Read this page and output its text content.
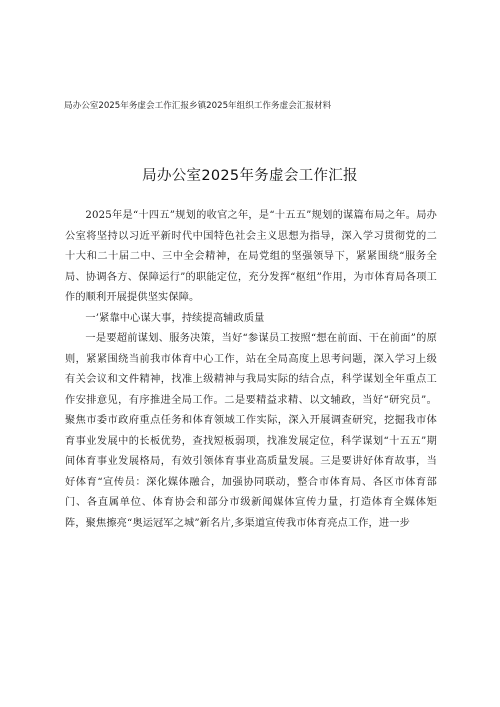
局办公室2025年务虚会工作汇报乡镇2025年组织工作务虚会汇报材料
局办公室2025年务虚会工作汇报

2025年是“十四五”规划的收官之年，是“十五五”规划的谋篇布局之年。局办公室将坚持以习近平新时代中国特色社会主义思想为指导，深入学习贯彻党的二十大和二十届二中、三中全会精神，在局党组的坚强领导下，紧紧围绕“服务全局、协调各方、保障运行”的职能定位，充分发挥“枢纽”作用，为市体育局各项工作的顺利开展提供坚实保障。

一’紧靠中心谋大事，持续提高辅政质量

一是要超前谋划、服务决策，当好“参谋员工按照“想在前面、干在前面”的原则，紧紧围绕当前我市体育中心工作，站在全局高度上思考问题，深入学习上级有关会议和文件精神，找准上级精神与我局实际的结合点，科学谋划全年重点工作安排意见，有序推进全局工作。二是要精益求精、以文辅政，当好“研究员”。聚焦市委市政府重点任务和体育领域工作实际，深入开展调查研究，挖掘我市体育事业发展中的长板优势，查找短板弱项，找准发展定位，科学谋划“十五五”期间体育事业发展格局，有效引领体育事业高质量发展。三是要讲好体育故事，当好体育“宣传员：深化媒体融合，加强协同联动，整合市体育局、各区市体育部门、各直属单位、体育协会和部分市级新闻媒体宣传力量，打造体育全媒体矩阵，聚焦擦亮“奥运冠军之城”新名片,多渠道宣传我市体育亮点工作，进一步
